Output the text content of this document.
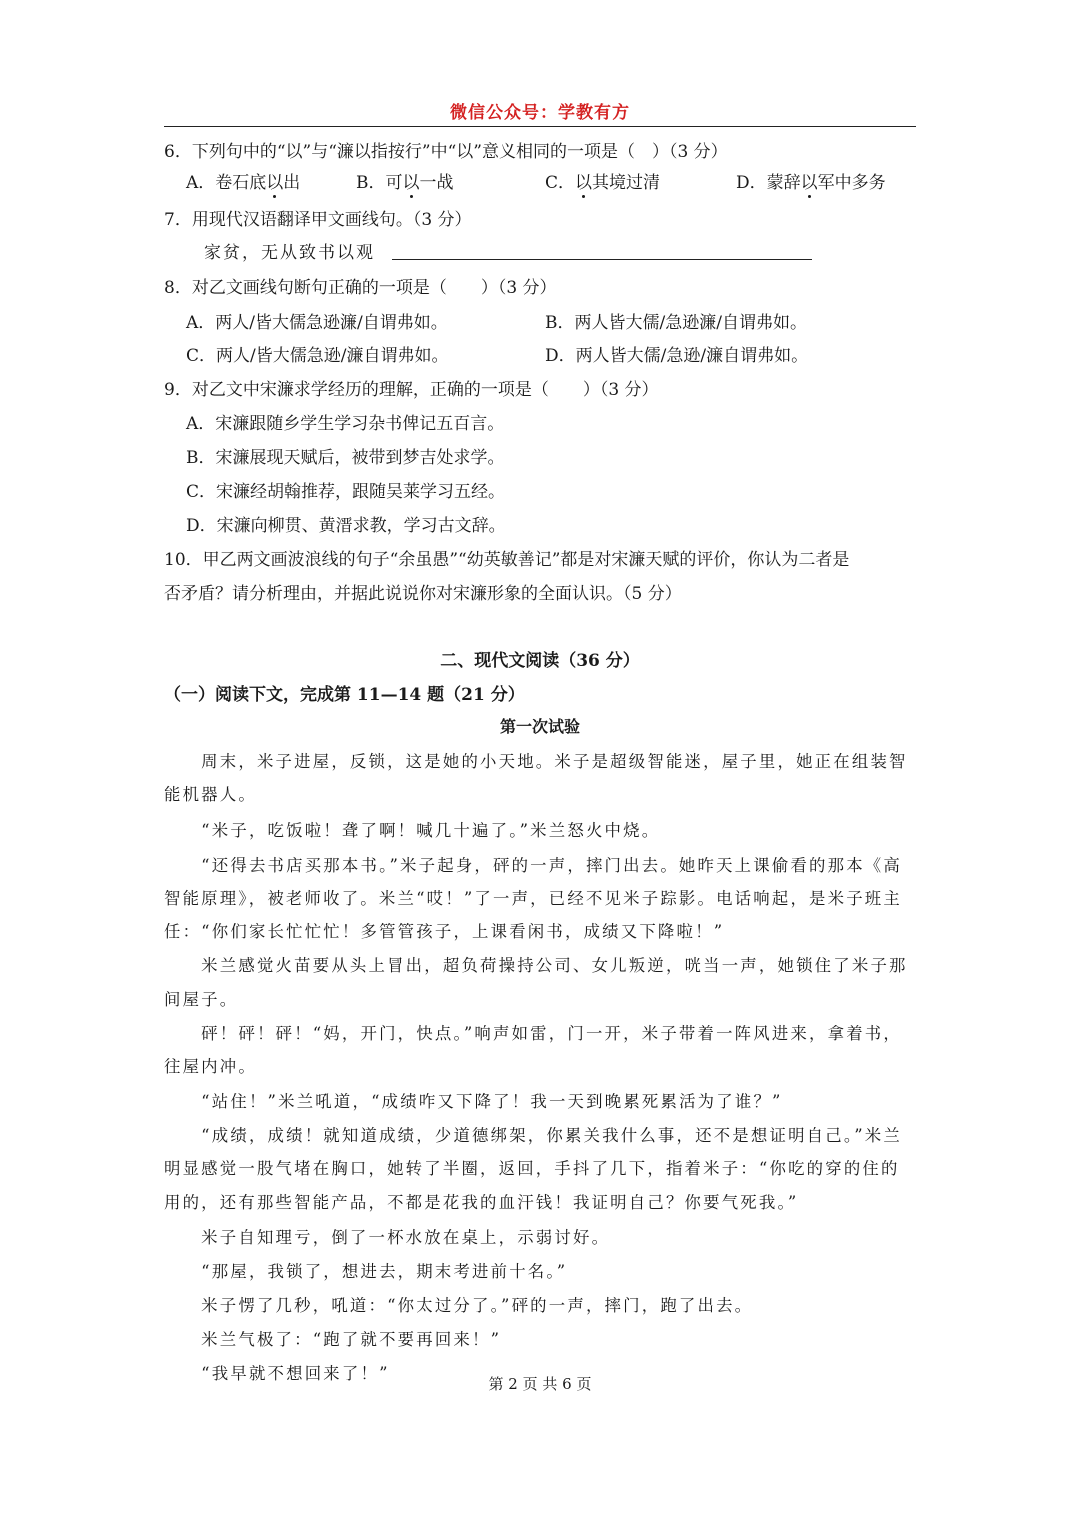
微信公众号：学教有方
6．下列句中的“以”与“濂以指按行”中“以”意义相同的一项是（　）（3 分）
A．卷石底以出	B．可以一战	C．以其境过清	D．蒙辞以军中多务
7．用现代汉语翻译甲文画线句。（3 分）
家贫，无从致书以观
8．对乙文画线句断句正确的一项是（　　）（3 分）
A．两人/皆大儒急逊濂/自谓弗如。	B．两人皆大儒/急逊濂/自谓弗如。
C．两人/皆大儒急逊/濂自谓弗如。	D．两人皆大儒/急逊/濂自谓弗如。
9．对乙文中宋濂求学经历的理解，正确的一项是（　　）（3 分）
A．宋濂跟随乡学生学习杂书俾记五百言。
B．宋濂展现天赋后，被带到梦吉处求学。
C．宋濂经胡翰推荐，跟随吴莱学习五经。
D．宋濂向柳贯、黄溍求教，学习古文辞。
10．甲乙两文画波浪线的句子“余虽愚”“幼英敏善记”都是对宋濂天赋的评价，你认为二者是
否矛盾？请分析理由，并据此说说你对宋濂形象的全面认识。（5 分）
二、现代文阅读（36 分）
（一）阅读下文，完成第 11—14 题（21 分）
第一次试验
　　周末，米子进屋，反锁，这是她的小天地。米子是超级智能迷，屋子里，她正在组装智
能机器人。
　　“米子，吃饭啦！聋了啊！喊几十遍了。”米兰怒火中烧。
　　“还得去书店买那本书。”米子起身，砰的一声，摔门出去。她昨天上课偷看的那本《高
智能原理》，被老师收了。米兰“哎！”了一声，已经不见米子踪影。电话响起，是米子班主
任：“你们家长忙忙忙！多管管孩子，上课看闲书，成绩又下降啦！”
　　米兰感觉火苗要从头上冒出，超负荷操持公司、女儿叛逆，咣当一声，她锁住了米子那
间屋子。
　　砰！砰！砰！“妈，开门，快点。”响声如雷，门一开，米子带着一阵风进来，拿着书，
往屋内冲。
　　“站住！”米兰吼道，“成绩咋又下降了！我一天到晚累死累活为了谁？”
　　“成绩，成绩！就知道成绩，少道德绑架，你累关我什么事，还不是想证明自己。”米兰
明显感觉一股气堵在胸口，她转了半圈，返回，手抖了几下，指着米子：“你吃的穿的住的
用的，还有那些智能产品，不都是花我的血汗钱！我证明自己？你要气死我。”
　　米子自知理亏，倒了一杯水放在桌上，示弱讨好。
　　“那屋，我锁了，想进去，期末考进前十名。”
　　米子愣了几秒，吼道：“你太过分了。”砰的一声，摔门，跑了出去。
　　米兰气极了：“跑了就不要再回来！”
　　“我早就不想回来了！”
第 2 页 共 6 页
